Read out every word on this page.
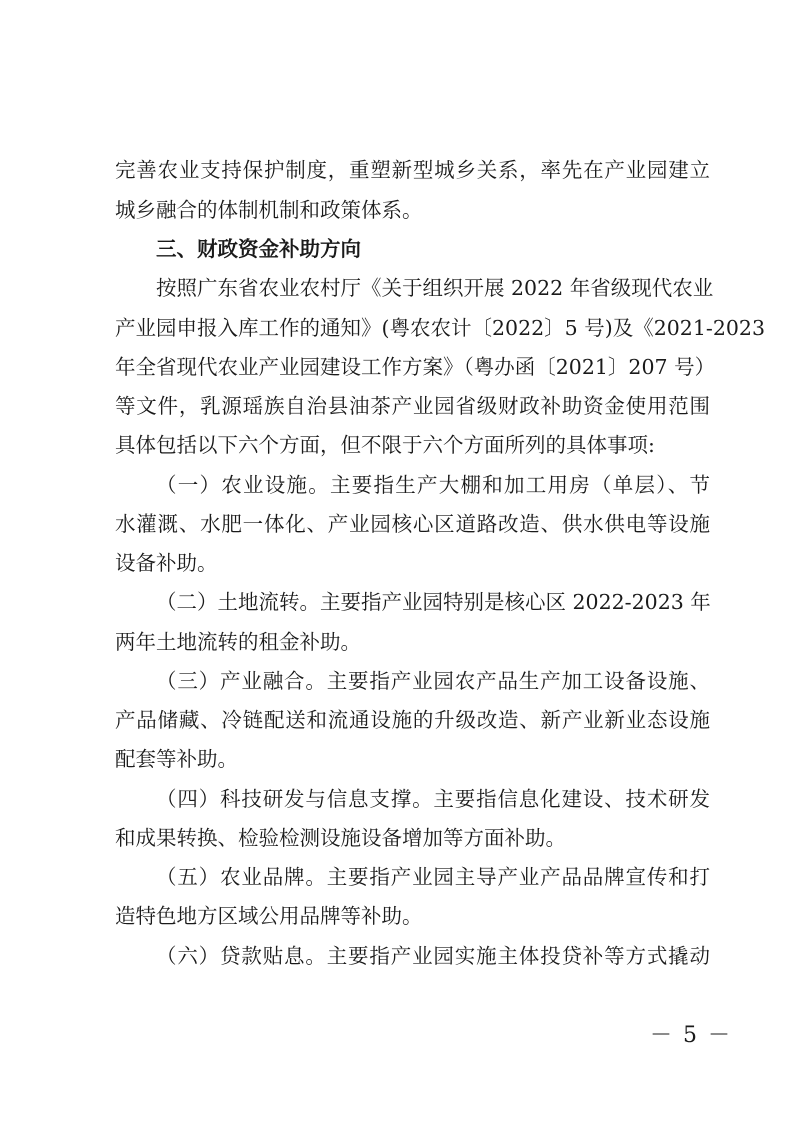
完善农业支持保护制度，重塑新型城乡关系，率先在产业园建立
城乡融合的体制机制和政策体系。
三、财政资金补助方向
按照广东省农业农村厅《关于组织开展 2022 年省级现代农业
产业园申报入库工作的通知》(粤农农计〔2022〕5 号)及《2021-2023
年全省现代农业产业园建设工作方案》（粤办函〔2021〕207 号）
等文件，乳源瑶族自治县油茶产业园省级财政补助资金使用范围
具体包括以下六个方面，但不限于六个方面所列的具体事项:
（一）农业设施。主要指生产大棚和加工用房（单层）、节
水灌溉、水肥一体化、产业园核心区道路改造、供水供电等设施
设备补助。
（二）土地流转。主要指产业园特别是核心区 2022-2023 年
两年土地流转的租金补助。
（三）产业融合。主要指产业园农产品生产加工设备设施、
产品储藏、冷链配送和流通设施的升级改造、新产业新业态设施
配套等补助。
（四）科技研发与信息支撑。主要指信息化建设、技术研发
和成果转换、检验检测设施设备增加等方面补助。
（五）农业品牌。主要指产业园主导产业产品品牌宣传和打
造特色地方区域公用品牌等补助。
（六）贷款贴息。主要指产业园实施主体投贷补等方式撬动
－ 5 －
